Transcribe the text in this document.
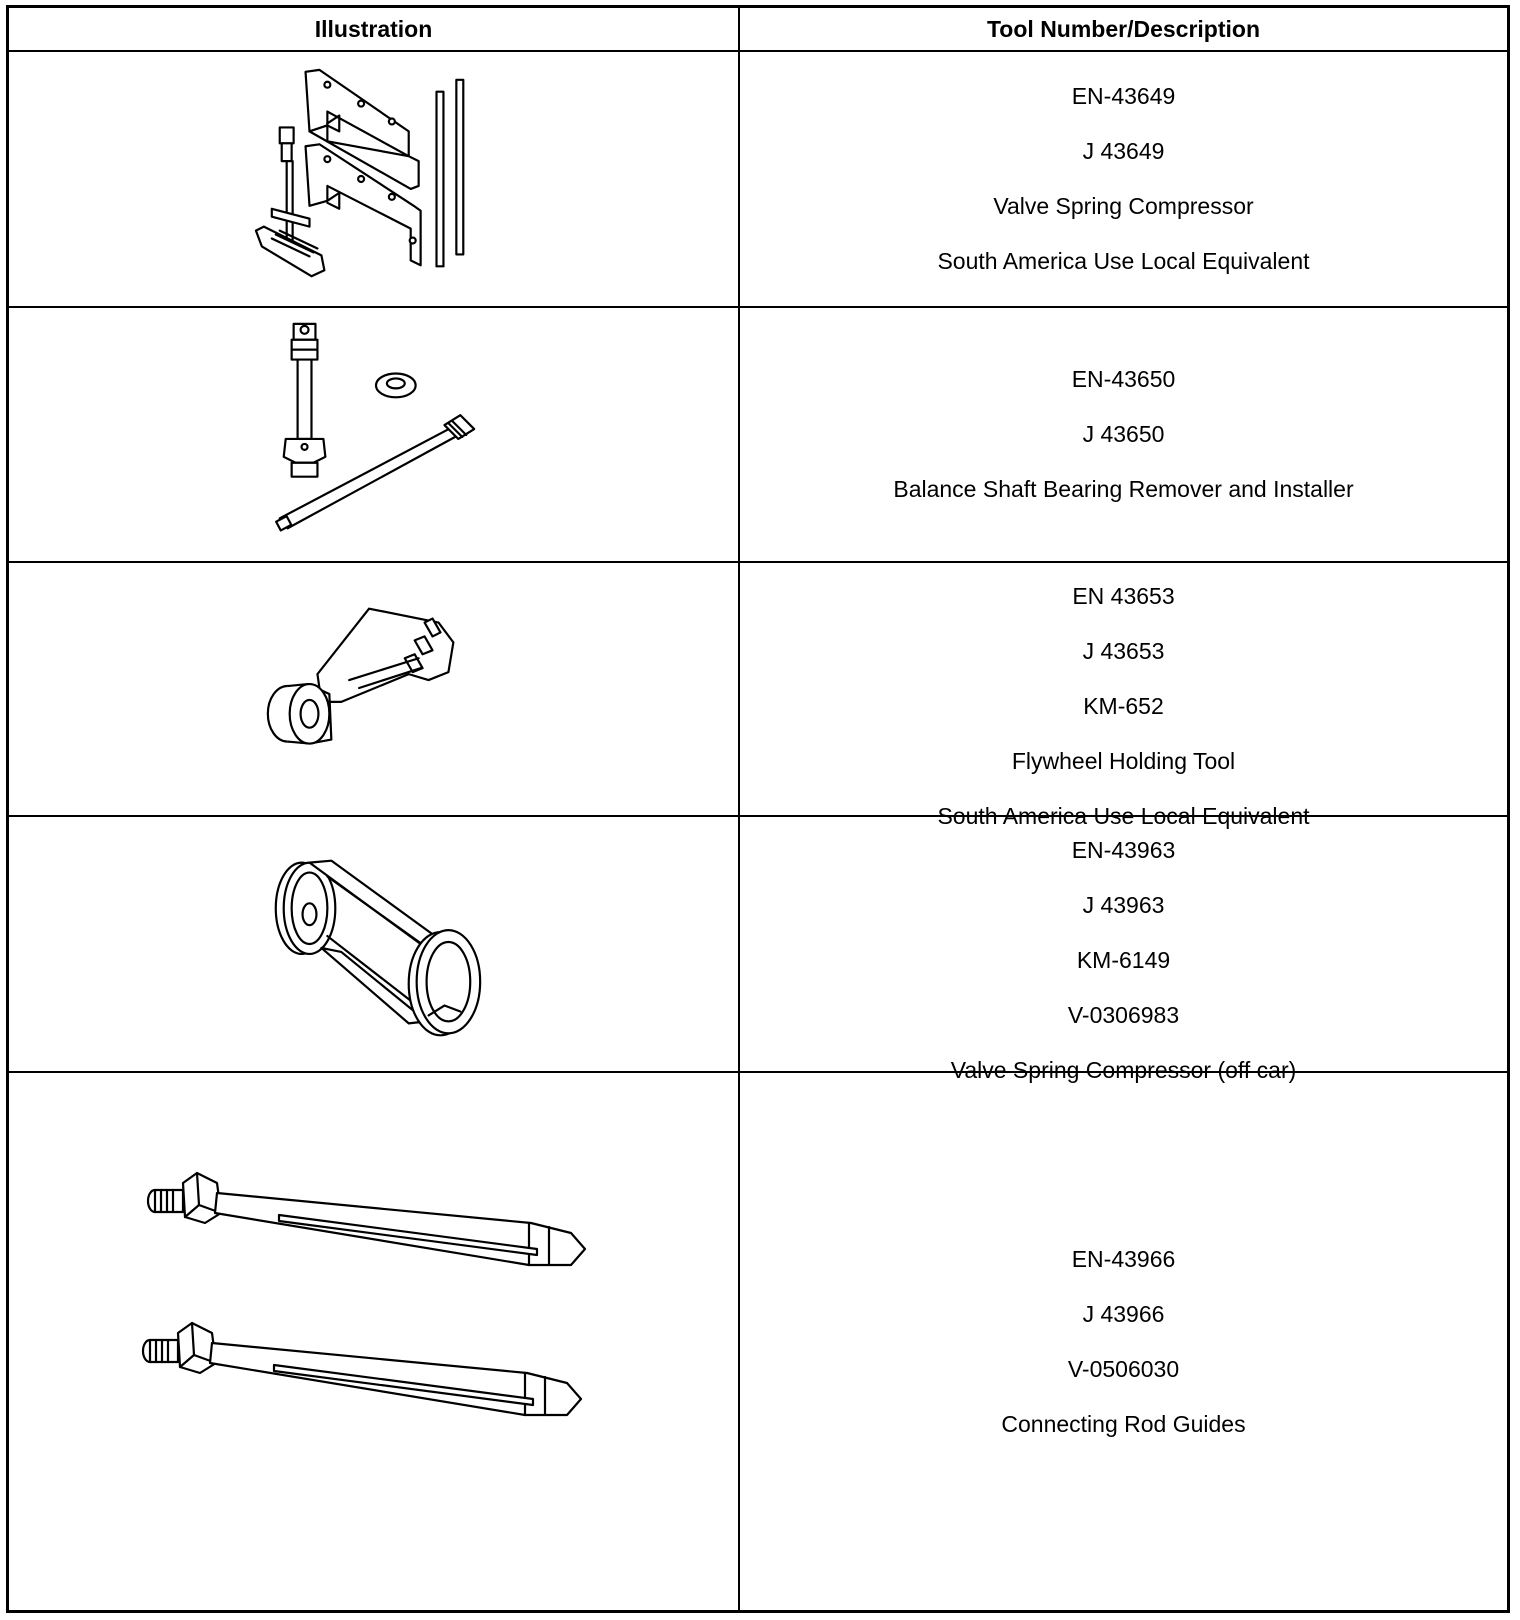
Illustration	Tool Number/Description
EN-43649
J 43649
Valve Spring Compressor
South America Use Local Equivalent
EN-43650
J 43650
Balance Shaft Bearing Remover and Installer
EN 43653
J 43653
KM-652
Flywheel Holding Tool
South America Use Local Equivalent
EN-43963
J 43963
KM-6149
V-0306983
Valve Spring Compressor (off car)
EN-43966
J 43966
V-0506030
Connecting Rod Guides
